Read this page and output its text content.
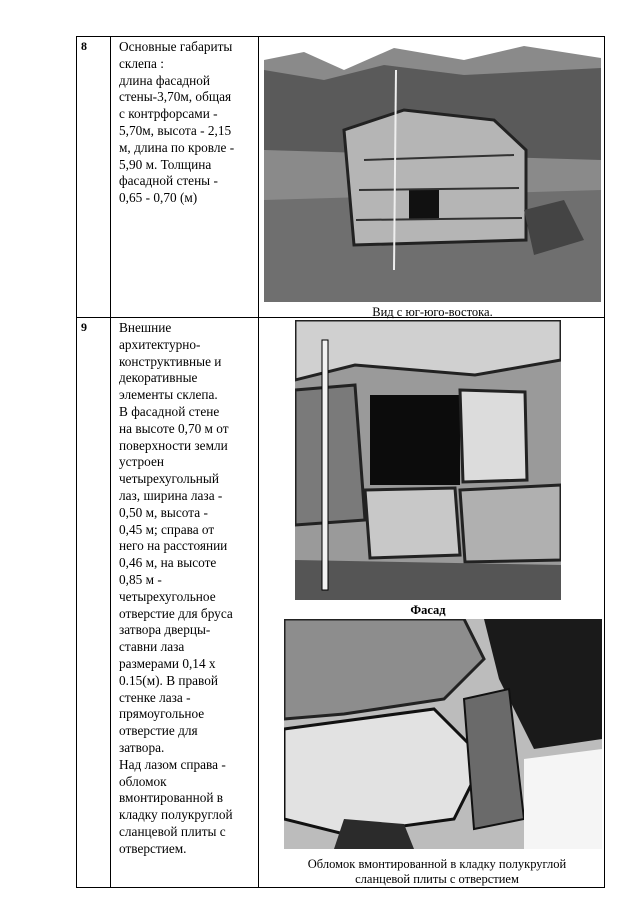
8 Основные габариты
склепа :
длина фасадной
стены-3,70м, общая
с контрфорсами -
5,70м, высота - 2,15
м, длина по кровле -
5,90 м. Толщина
фасадной стены -
0,65 - 0,70 (м)
Вид с юг-юго-востока.
9 Внешние
архитектурно-
конструктивные и
декоративные
элементы склепа.
В фасадной стене
на высоте 0,70 м от
поверхности земли
устроен
четырехугольный
лаз, ширина лаза -
0,50 м, высота -
0,45 м; справа от
него на расстоянии
0,46 м, на высоте
0,85 м -
четырехугольное
отверстие для бруса
затвора дверцы-
ставни лаза
размерами 0,14 х
0.15(м). В правой
стенке лаза -
прямоугольное
отверстие для
затвора.
Над лазом справа -
обломок
вмонтированной в
кладку полукруглой
сланцевой плиты с
отверстием.
Фасад
Обломок вмонтированной в кладку полукруглой
сланцевой плиты с отверстием
